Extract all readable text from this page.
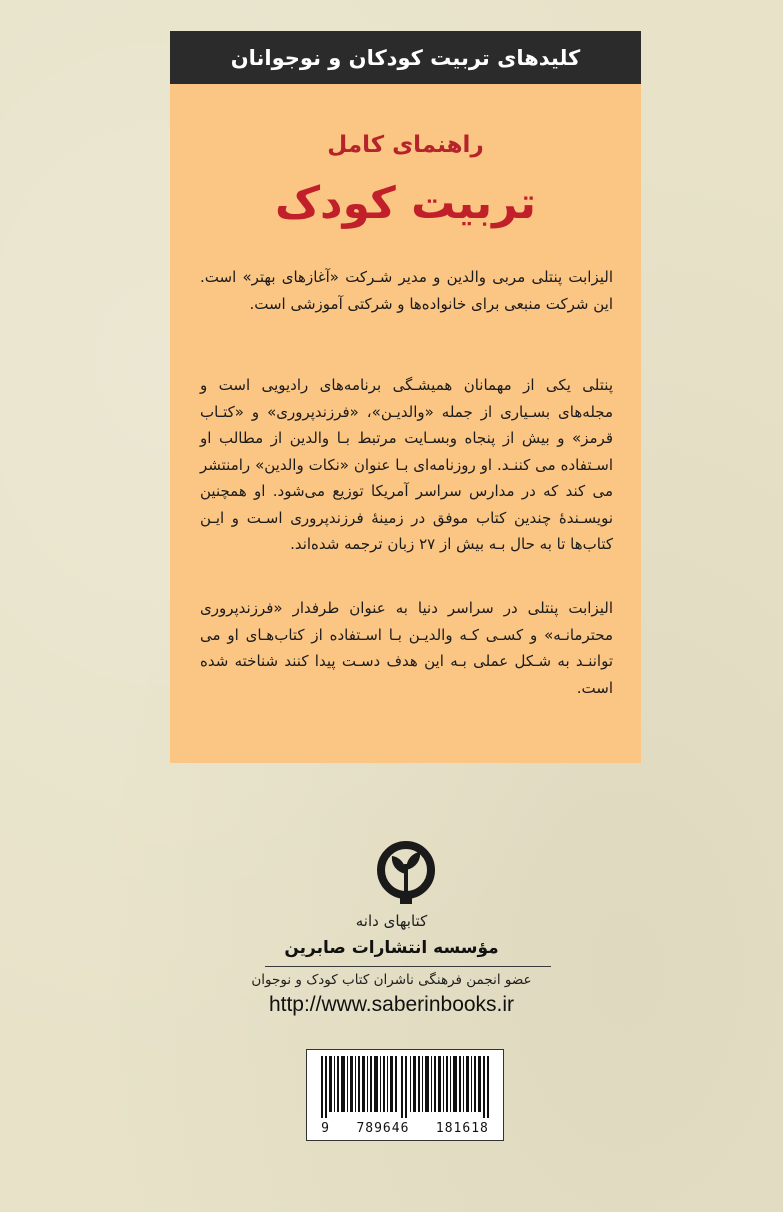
کلیدهای تربیت کودکان و نوجوانان
راهنمای کامل
تربیت کودک

الیزابت پنتلی مربی والدین و مدیر شـرکت «آغازهای بهتر» است. این شرکت منبعی برای خانواده‌ها و شرکتی آموزشی است.

پنتلی یکی از مهمانان همیشـگی برنامه‌های رادیویی است و مجله‌های بسـیاری از جمله «والدیـن»، «فرزندپروری» و «کتـاب قرمز» و بیش از پنجاه وبسـایت مرتبط بـا والدین از مطالب او اسـتفاده می کننـد. او روزنامه‌ای بـا عنوان «نکات والدین» رامنتشر می کند که در مدارس سراسر آمریکا توزیع می‌شود. او همچنین نویسـندهٔ چندین کتاب موفق در زمینهٔ فرزندپروری اسـت و ایـن کتاب‌ها تا به حال بـه بیش از ۲۷ زبان ترجمه شده‌اند.

الیزابت پنتلی در سراسر دنیا به عنوان طرفدار «فرزندپروری محترمانـه» و کسـی کـه والدیـن بـا اسـتفاده از کتاب‌هـای او می تواننـد به شـکل عملی بـه این هدف دسـت پیدا کنند شناخته شده است.

کتابهای دانه
مؤسسه انتشارات صابرین
عضو انجمن فرهنگی ناشران کتاب کودک و نوجوان
http://www.saberinbooks.ir
9   789646   181618
